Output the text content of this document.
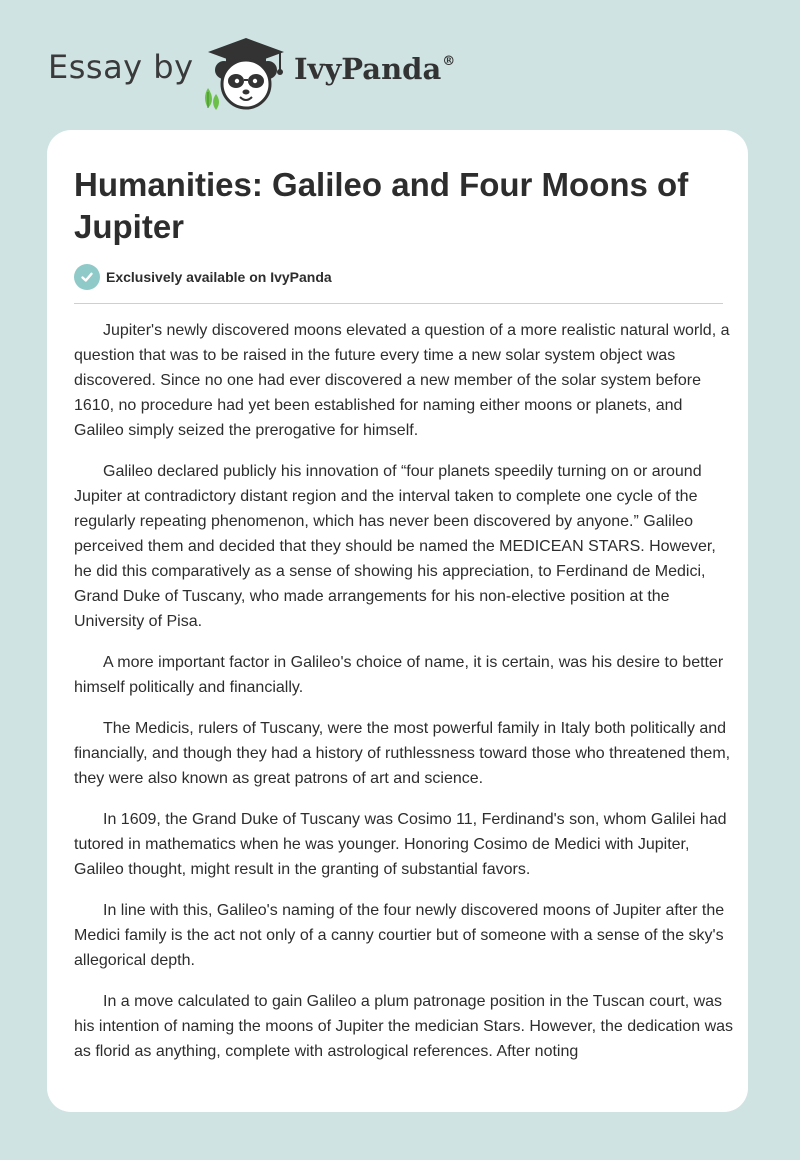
Essay by	IvyPanda®
Humanities: Galileo and Four Moons of Jupiter
Exclusively available on IvyPanda

Jupiter's newly discovered moons elevated a question of a more realistic natural world, a question that was to be raised in the future every time a new solar system object was discovered. Since no one had ever discovered a new member of the solar system before 1610, no procedure had yet been established for naming either moons or planets, and Galileo simply seized the prerogative for himself.

Galileo declared publicly his innovation of “four planets speedily turning on or around Jupiter at contradictory distant region and the interval taken to complete one cycle of the regularly repeating phenomenon, which has never been discovered by anyone.” Galileo perceived them and decided that they should be named the MEDICEAN STARS. However, he did this comparatively as a sense of showing his appreciation, to Ferdinand de Medici, Grand Duke of Tuscany, who made arrangements for his non-elective position at the University of Pisa.

A more important factor in Galileo's choice of name, it is certain, was his desire to better himself politically and financially.

The Medicis, rulers of Tuscany, were the most powerful family in Italy both politically and financially, and though they had a history of ruthlessness toward those who threatened them, they were also known as great patrons of art and science.

In 1609, the Grand Duke of Tuscany was Cosimo 11, Ferdinand's son, whom Galilei had tutored in mathematics when he was younger. Honoring Cosimo de Medici with Jupiter, Galileo thought, might result in the granting of substantial favors.

In line with this, Galileo's naming of the four newly discovered moons of Jupiter after the Medici family is the act not only of a canny courtier but of someone with a sense of the sky's allegorical depth.

In a move calculated to gain Galileo a plum patronage position in the Tuscan court, was his intention of naming the moons of Jupiter the medician Stars. However, the dedication was as florid as anything, complete with astrological references. After noting
